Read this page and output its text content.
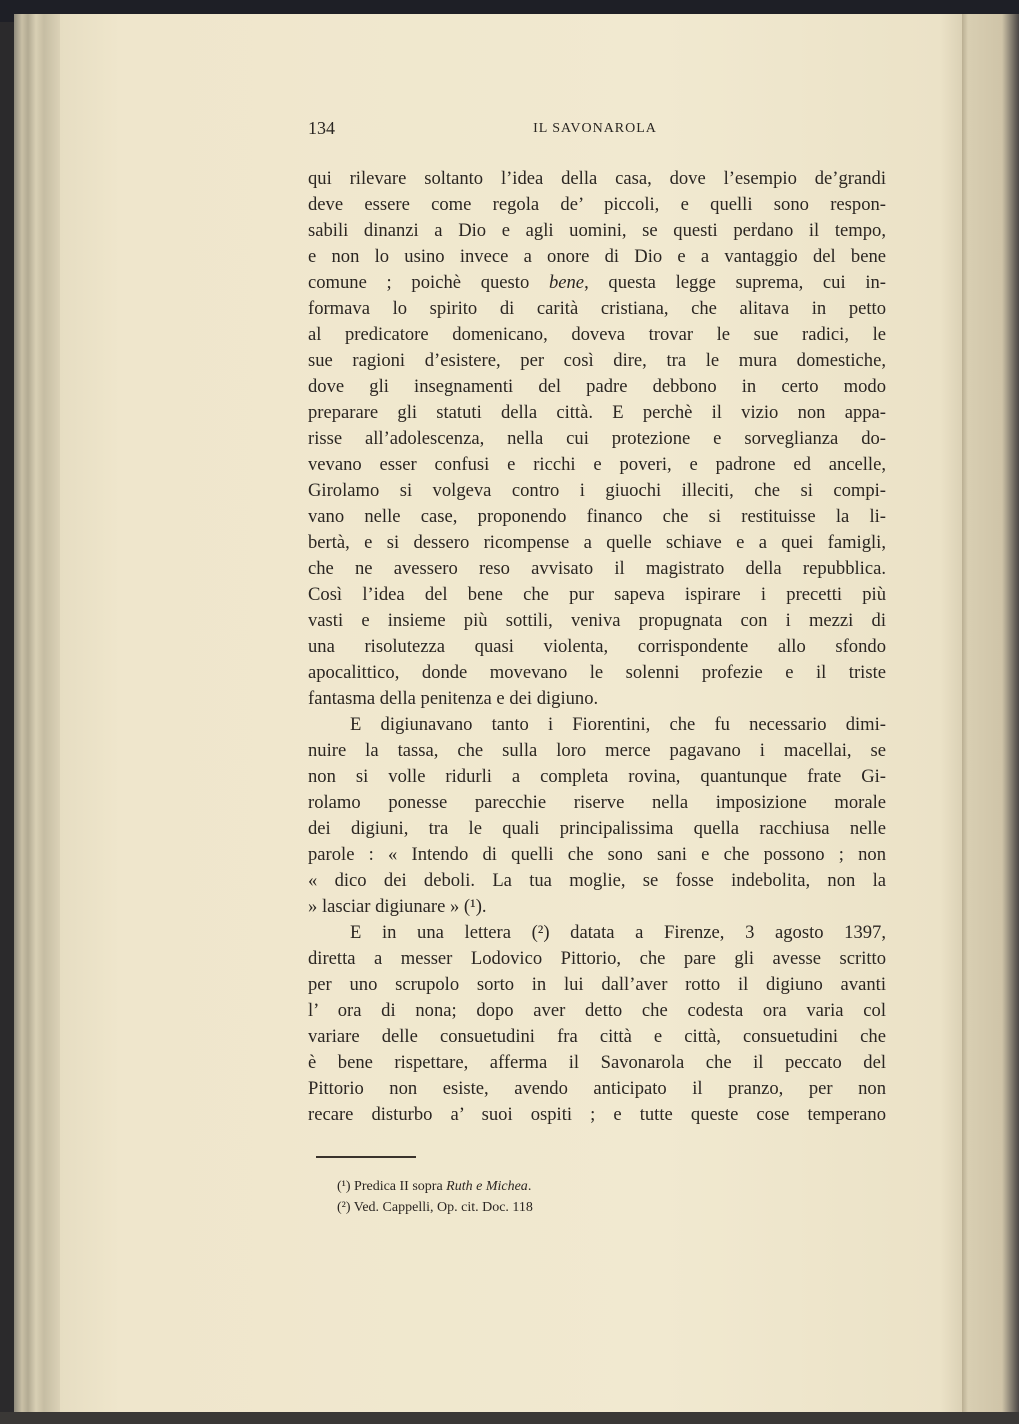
134	IL SAVONAROLA

qui rilevare soltanto l’idea della casa, dove l’esempio de’grandi

deve essere come regola de’ piccoli, e quelli sono respon-

sabili dinanzi a Dio e agli uomini, se questi perdano il tempo,

e non lo usino invece a onore di Dio e a vantaggio del bene

comune ; poichè questo bene, questa legge suprema, cui in-

formava lo spirito di carità cristiana, che alitava in petto

al predicatore domenicano, doveva trovar le sue radici, le

sue ragioni d’esistere, per così dire, tra le mura domestiche,

dove gli insegnamenti del padre debbono in certo modo

preparare gli statuti della città. E perchè il vizio non appa-

risse all’adolescenza, nella cui protezione e sorveglianza do-

vevano esser confusi e ricchi e poveri, e padrone ed ancelle,

Girolamo si volgeva contro i giuochi illeciti, che si compi-

vano nelle case, proponendo financo che si restituisse la li-

bertà, e si dessero ricompense a quelle schiave e a quei famigli,

che ne avessero reso avvisato il magistrato della repubblica.

Così l’idea del bene che pur sapeva ispirare i precetti più

vasti e insieme più sottili, veniva propugnata con i mezzi di

una risolutezza quasi violenta, corrispondente allo sfondo

apocalittico, donde movevano le solenni profezie e il triste

fantasma della penitenza e dei digiuno.

E digiunavano tanto i Fiorentini, che fu necessario dimi-

nuire la tassa, che sulla loro merce pagavano i macellai, se

non si volle ridurli a completa rovina, quantunque frate Gi-

rolamo ponesse parecchie riserve nella imposizione morale

dei digiuni, tra le quali principalissima quella racchiusa nelle

parole : « Intendo di quelli che sono sani e che possono ; non

« dico dei deboli. La tua moglie, se fosse indebolita, non la

» lasciar digiunare » (¹).

E in una lettera (²) datata a Firenze, 3 agosto 1397,

diretta a messer Lodovico Pittorio, che pare gli avesse scritto

per uno scrupolo sorto in lui dall’aver rotto il digiuno avanti

l’ ora di nona; dopo aver detto che codesta ora varia col

variare delle consuetudini fra città e città, consuetudini che

è bene rispettare, afferma il Savonarola che il peccato del

Pittorio non esiste, avendo anticipato il pranzo, per non

recare disturbo a’ suoi ospiti ; e tutte queste cose temperano

(¹) Predica II sopra Ruth e Michea.
(²) Ved. Cappelli, Op. cit. Doc. 118
